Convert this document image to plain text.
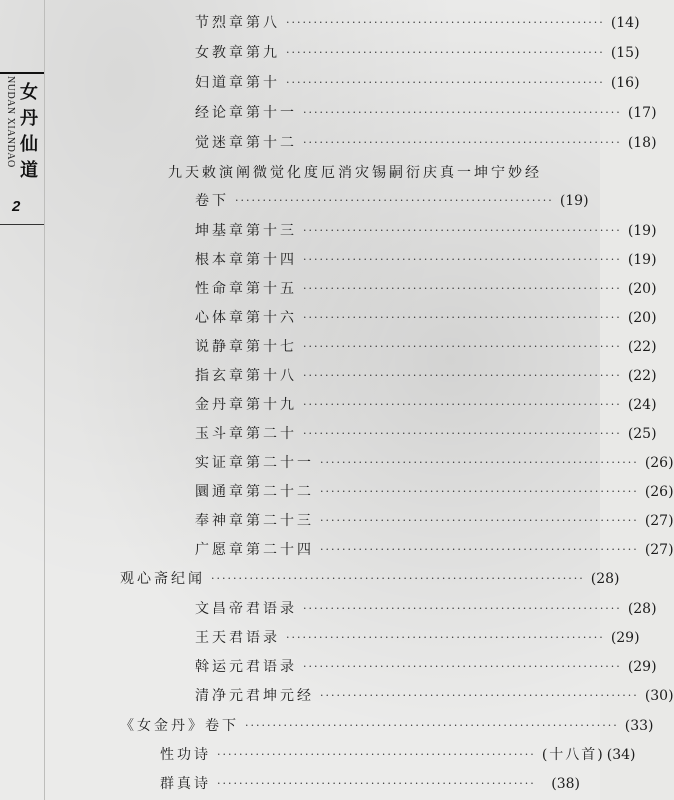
NUDAN XIANDAO 女丹仙道
2
节烈章第八 ·························································· (14)
女教章第九 ·························································· (15)
妇道章第十 ·························································· (16)
经论章第十一 ·························································· (17)
觉迷章第十二 ·························································· (18)
九天敕演阐微觉化度厄消灾锡嗣衍庆真一坤宁妙经
卷下 ·························································· (19)
坤基章第十三 ·························································· (19)
根本章第十四 ·························································· (19)
性命章第十五 ·························································· (20)
心体章第十六 ·························································· (20)
说静章第十七 ·························································· (22)
指玄章第十八 ·························································· (22)
金丹章第十九 ·························································· (24)
玉斗章第二十 ·························································· (25)
实证章第二十一 ·························································· (26)
圜通章第二十二 ·························································· (26)
奉神章第二十三 ·························································· (27)
广愿章第二十四 ·························································· (27)
观心斋纪闻 ···································································· (28)
文昌帝君语录 ·························································· (28)
王天君语录 ·························································· (29)
斡运元君语录 ·························································· (29)
清净元君坤元经 ·························································· (30)
《女金丹》卷下 ···································································· (33)
性功诗 ·························································· (十八首) (34)
群真诗 ··························································	(38)
